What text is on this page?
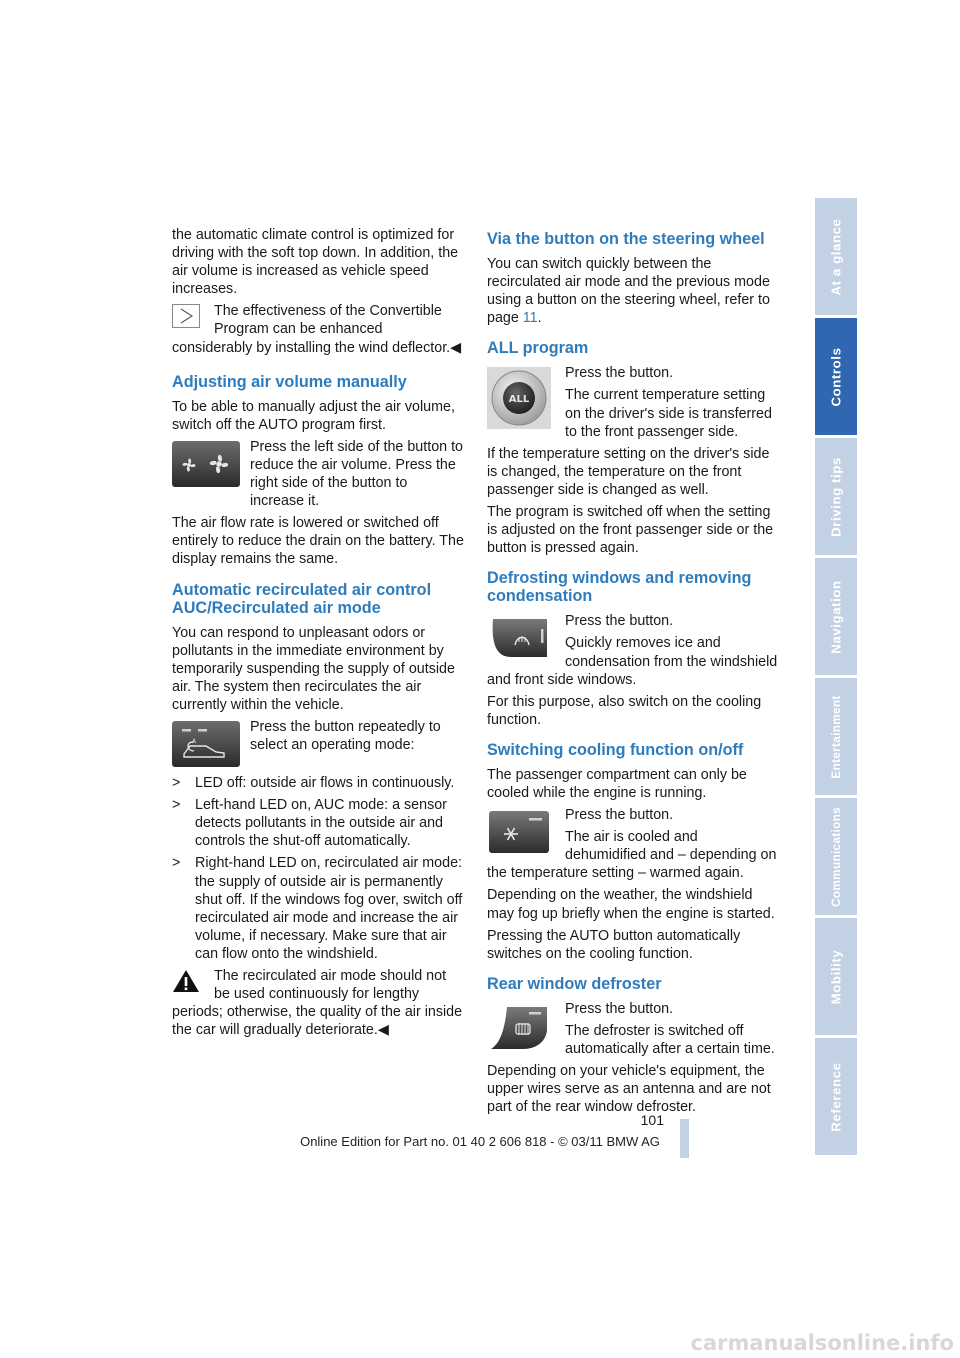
the automatic climate control is optimized for driving with the soft top down. In addition, the air volume is increased as vehicle speed increases.

The effectiveness of the Convertible Program can be enhanced considerably by installing the wind deflector.◀

Adjusting air volume manually

To be able to manually adjust the air volume, switch off the AUTO program first.

Press the left side of the button to reduce the air volume. Press the right side of the button to increase it.

The air flow rate is lowered or switched off entirely to reduce the drain on the battery. The display remains the same.

Automatic recirculated air control AUC/Recirculated air mode

You can respond to unpleasant odors or pollutants in the immediate environment by temporarily suspending the supply of outside air. The system then recirculates the air currently within the vehicle.

A

Press the button repeatedly to select an operating mode:

> LED off: outside air flows in continuously.
> Left-hand LED on, AUC mode: a sensor detects pollutants in the outside air and controls the shut-off automatically.
> Right-hand LED on, recirculated air mode: the supply of outside air is permanently shut off. If the windows fog over, switch off recirculated air mode and increase the air volume, if necessary. Make sure that air can flow onto the windshield.

The recirculated air mode should not be used continuously for lengthy periods; otherwise, the quality of the air inside the car will gradually deteriorate.◀

Via the button on the steering wheel

You can switch quickly between the recirculated air mode and the previous mode using a button on the steering wheel, refer to page 11.

ALL program
ALL

Press the button.

The current temperature setting on the driver's side is transferred to the front passenger side.

If the temperature setting on the driver's side is changed, the temperature on the front passenger side is changed as well.

The program is switched off when the setting is adjusted on the front passenger side or the button is pressed again.

Defrosting windows and removing condensation

Press the button.

Quickly removes ice and condensation from the windshield and front side windows.

For this purpose, also switch on the cooling function.

Switching cooling function on/off

The passenger compartment can only be cooled while the engine is running.

Press the button.

The air is cooled and dehumidified and – depending on the temperature setting – warmed again.

Depending on the weather, the windshield may fog up briefly when the engine is started.

Pressing the AUTO button automatically switches on the cooling function.

Rear window defroster

Press the button.

The defroster is switched off automatically after a certain time.

Depending on your vehicle's equipment, the upper wires serve as an antenna and are not part of the rear window defroster.

At a glance
Controls
Driving tips
Navigation
Entertainment
Communications
Mobility
Reference
101
Online Edition for Part no. 01 40 2 606 818 - © 03/11 BMW AG
carmanualsonline.info
